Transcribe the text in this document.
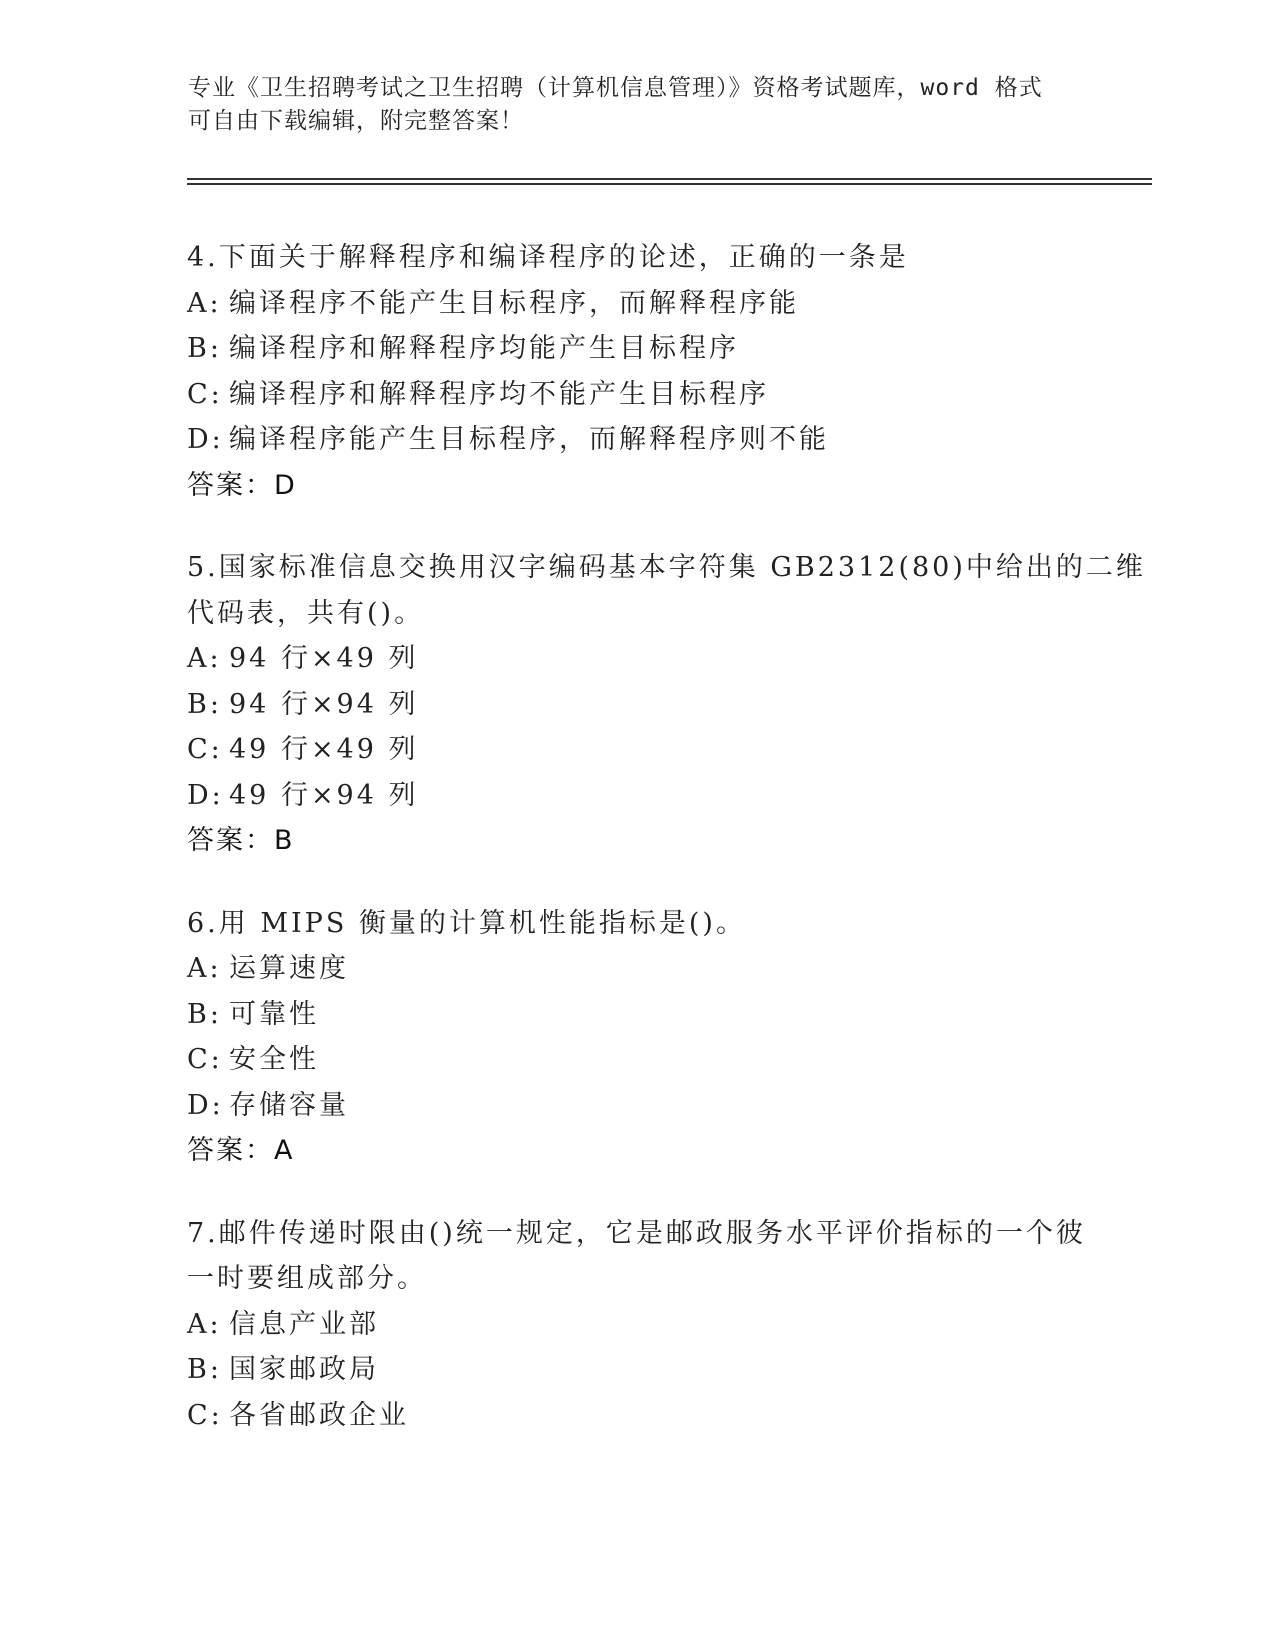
专业《卫生招聘考试之卫生招聘（计算机信息管理）》资格考试题库，word 格式
可自由下载编辑，附完整答案！
4.下面关于解释程序和编译程序的论述，正确的一条是
A: 编译程序不能产生目标程序，而解释程序能
B: 编译程序和解释程序均能产生目标程序
C: 编译程序和解释程序均不能产生目标程序
D: 编译程序能产生目标程序，而解释程序则不能
答案：D
5.国家标准信息交换用汉字编码基本字符集 GB2312(80)中给出的二维
代码表，共有()。
A: 94 行×49 列
B: 94 行×94 列
C: 49 行×49 列
D: 49 行×94 列
答案：B
6.用 MIPS 衡量的计算机性能指标是()。
A: 运算速度
B: 可靠性
C: 安全性
D: 存储容量
答案：A
7.邮件传递时限由()统一规定，它是邮政服务水平评价指标的一个彼
一时要组成部分。
A: 信息产业部
B: 国家邮政局
C: 各省邮政企业
